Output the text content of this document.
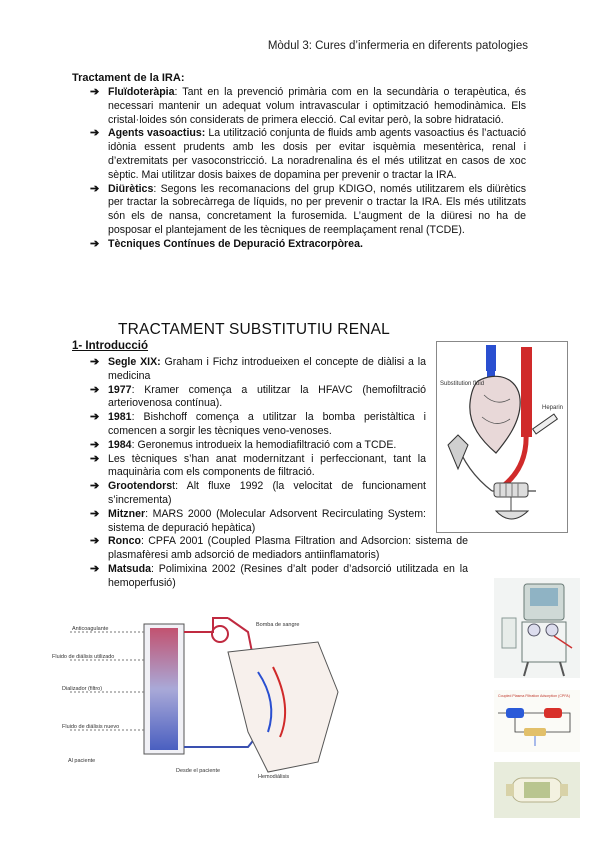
Mòdul 3: Cures d’infermeria en diferents patologies
Tractament de la IRA:
➔ Fluïdoteràpia: Tant en la prevenció primària com en la secundària o terapèutica, és necessari mantenir un adequat volum intravascular i optimització hemodinàmica. Els cristal·loides són considerats de primera elecció. Cal evitar però, la sobre hidratació.
➔ Agents vasoactius: La utilització conjunta de fluids amb agents vasoactius és l’actuació idònia essent prudents amb les dosis per evitar isquèmia mesentèrica, renal i d’extremitats per vasoconstricció. La noradrenalina és el més utilitzat en casos de xoc sèptic. Mai utilitzar dosis baixes de dopamina per prevenir o tractar la IRA.
➔ Diürètics: Segons les recomanacions del grup KDIGO, només utilitzarem els diürètics per tractar la sobrecàrrega de líquids, no per prevenir o tractar la IRA. Els més utilitzats són els de nansa, concretament la furosemida. L’augment de la diüresi no ha de posposar el plantejament de les tècniques de reemplaçament renal (TCDE).
➔ Tècniques Contínues de Depuració Extracorpòrea.
TRACTAMENT SUBSTITUTIU RENAL
1- Introducció
➔ Segle XIX: Graham i Fichz introdueixen el concepte de diàlisi a la medicina
➔ 1977: Kramer comença a utilitzar la HFAVC (hemofiltració arteriovenosa contínua).
➔ 1981: Bishchoff comença a utilitzar la bomba peristàltica i comencen a sorgir les tècniques veno-venoses.
➔ 1984: Geronemus introdueix la hemodiafiltració com a TCDE.
➔ Les tècniques s’han anat modernitzant i perfeccionant, tant la maquinària com els components de filtració.
➔ Grootendorst: Alt fluxe 1992 (la velocitat de funcionament s’incrementa)
➔ Mitzner: MARS 2000 (Molecular Adsorvent Recirculating System: sistema de depuració hepàtica)
➔ Ronco: CPFA 2001 (Coupled Plasma Filtration and Adsorcion: sistema de plasmafèresi amb adsorció de mediadors antiinflamatoris)
➔ Matsuda: Polimixina 2002 (Resines d’alt poder d’adsorció utilitzada en la hemoperfusió)
Substitution fluid
Heparin
Anticoagulante
Fluido de diálisis utilizado
Dializador (filtro)
Fluido de diálisis nuevo
Al paciente
Desde el paciente
Bomba de sangre
Hemodiálisis
Coupled Plasma Filtration Adsorption (CPFA)
